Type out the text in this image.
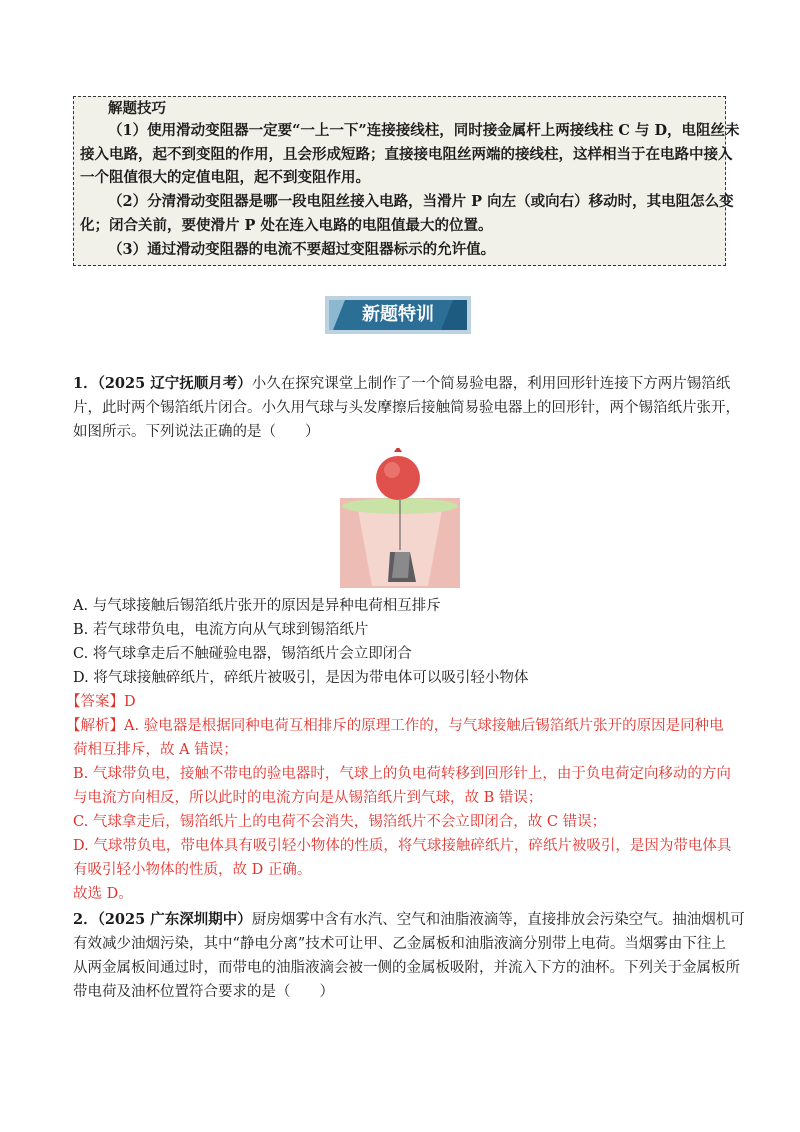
解题技巧

（1）使用滑动变阻器一定要“一上一下”连接接线柱，同时接金属杆上两接线柱 C 与 D，电阻丝未

接入电路，起不到变阻的作用，且会形成短路；直接接电阻丝两端的接线柱，这样相当于在电路中接入

一个阻值很大的定值电阻，起不到变阻作用。

（2）分清滑动变阻器是哪一段电阻丝接入电路，当滑片 P 向左（或向右）移动时，其电阻怎么变

化；闭合关前，要使滑片 P 处在连入电路的电阻值最大的位置。

（3）通过滑动变阻器的电流不要超过变阻器标示的允许值。

新题特训

1．（2025 辽宁抚顺月考）小久在探究课堂上制作了一个简易验电器，利用回形针连接下方两片锡箔纸

片，此时两个锡箔纸片闭合。小久用气球与头发摩擦后接触简易验电器上的回形针，两个锡箔纸片张开，

如图所示。下列说法正确的是（　　）

A. 与气球接触后锡箔纸片张开的原因是异种电荷相互排斥

B. 若气球带负电，电流方向从气球到锡箔纸片

C. 将气球拿走后不触碰验电器，锡箔纸片会立即闭合

D. 将气球接触碎纸片，碎纸片被吸引，是因为带电体可以吸引轻小物体

【答案】D

【解析】A. 验电器是根据同种电荷互相排斥的原理工作的，与气球接触后锡箔纸片张开的原因是同种电

荷相互排斥，故 A 错误；

B. 气球带负电，接触不带电的验电器时，气球上的负电荷转移到回形针上，由于负电荷定向移动的方向

与电流方向相反，所以此时的电流方向是从锡箔纸片到气球，故 B 错误；

C. 气球拿走后，锡箔纸片上的电荷不会消失，锡箔纸片不会立即闭合，故 C 错误；

D. 气球带负电，带电体具有吸引轻小物体的性质，将气球接触碎纸片，碎纸片被吸引，是因为带电体具

有吸引轻小物体的性质，故 D 正确。

故选 D。

2．（2025 广东深圳期中）厨房烟雾中含有水汽、空气和油脂液滴等，直接排放会污染空气。抽油烟机可

有效减少油烟污染，其中“静电分离”技术可让甲、乙金属板和油脂液滴分别带上电荷。当烟雾由下往上

从两金属板间通过时，而带电的油脂液滴会被一侧的金属板吸附，并流入下方的油杯。下列关于金属板所

带电荷及油杯位置符合要求的是（　　）
